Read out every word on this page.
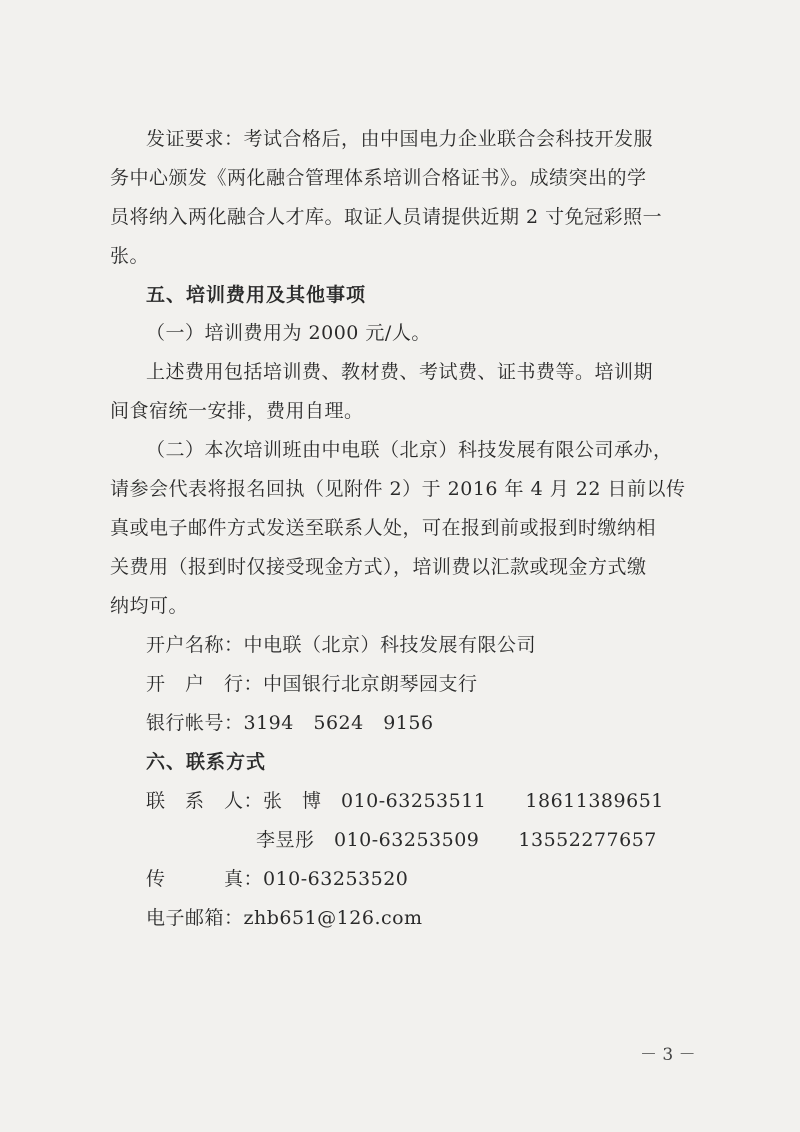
发证要求：考试合格后，由中国电力企业联合会科技开发服
务中心颁发《两化融合管理体系培训合格证书》。成绩突出的学
员将纳入两化融合人才库。取证人员请提供近期 2 寸免冠彩照一
张。
五、培训费用及其他事项
（一）培训费用为 2000 元/人。
上述费用包括培训费、教材费、考试费、证书费等。培训期
间食宿统一安排，费用自理。
（二）本次培训班由中电联（北京）科技发展有限公司承办，
请参会代表将报名回执（见附件 2）于 2016 年 4 月 22 日前以传
真或电子邮件方式发送至联系人处，可在报到前或报到时缴纳相
关费用（报到时仅接受现金方式），培训费以汇款或现金方式缴
纳均可。
开户名称：中电联（北京）科技发展有限公司
开　户　行：中国银行北京朗琴园支行
银行帐号：3194　5624　9156
六、联系方式
联　系　人：张　博　010-63253511　　18611389651
李昱彤　010-63253509　　13552277657
传　　　真：010-63253520
电子邮箱：zhb651@126.com
－ 3 －
